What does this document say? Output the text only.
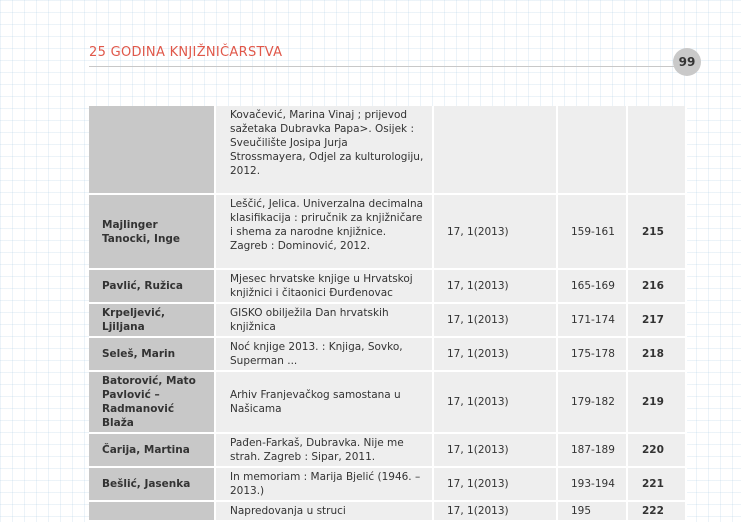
25 GODINA KNJIŽNIČARSTVA
99
	Kovačević, Marina Vinaj ; prijevod sažetaka Dubravka Papa>. Osijek : Sveučilište Josipa Jurja Strossmayera, Odjel za kulturologiju, 2012.			
Majlinger Tanocki, Inge	Leščić, Jelica. Univerzalna decimalna klasifikacija : priručnik za knjižničare i shema za narodne knjižnice. Zagreb : Dominović, 2012.	17, 1(2013)	159-161	215
Pavlić, Ružica	Mjesec hrvatske knjige u Hrvatskoj knjižnici i čitaonici Đurđenovac	17, 1(2013)	165-169	216
Krpeljević, Ljiljana	GISKO obilježila Dan hrvatskih knjižnica	17, 1(2013)	171-174	217
Seleš, Marin	Noć knjige 2013. : Knjiga, Sovko, Superman ...	17, 1(2013)	175-178	218
Batorović, Mato Pavlović – Radmanović Blaža	Arhiv Franjevačkog samostana u Našicama	17, 1(2013)	179-182	219
Čarija, Martina	Pađen-Farkaš, Dubravka. Nije me strah. Zagreb : Sipar, 2011.	17, 1(2013)	187-189	220
Bešlić, Jasenka	In memoriam : Marija Bjelić (1946. – 2013.)	17, 1(2013)	193-194	221
	Napredovanja u struci	17, 1(2013)	195	222
